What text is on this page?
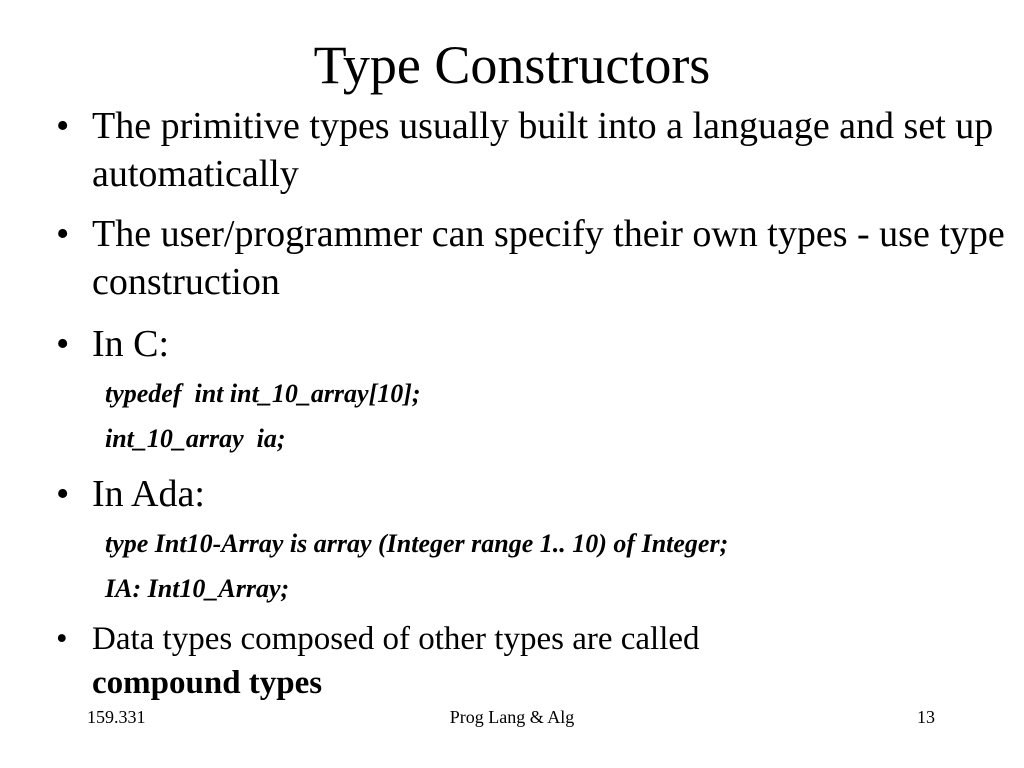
Type Constructors
• The primitive types usually built into a language and set up automatically
• The user/programmer can specify their own types - use type construction
• In C:
typedef  int int_10_array[10];
int_10_array  ia;
• In Ada:
type Int10-Array is array (Integer range 1.. 10) of Integer;
IA: Int10_Array;
• Data types composed of other types are called
compound types
159.331	Prog Lang & Alg	13
